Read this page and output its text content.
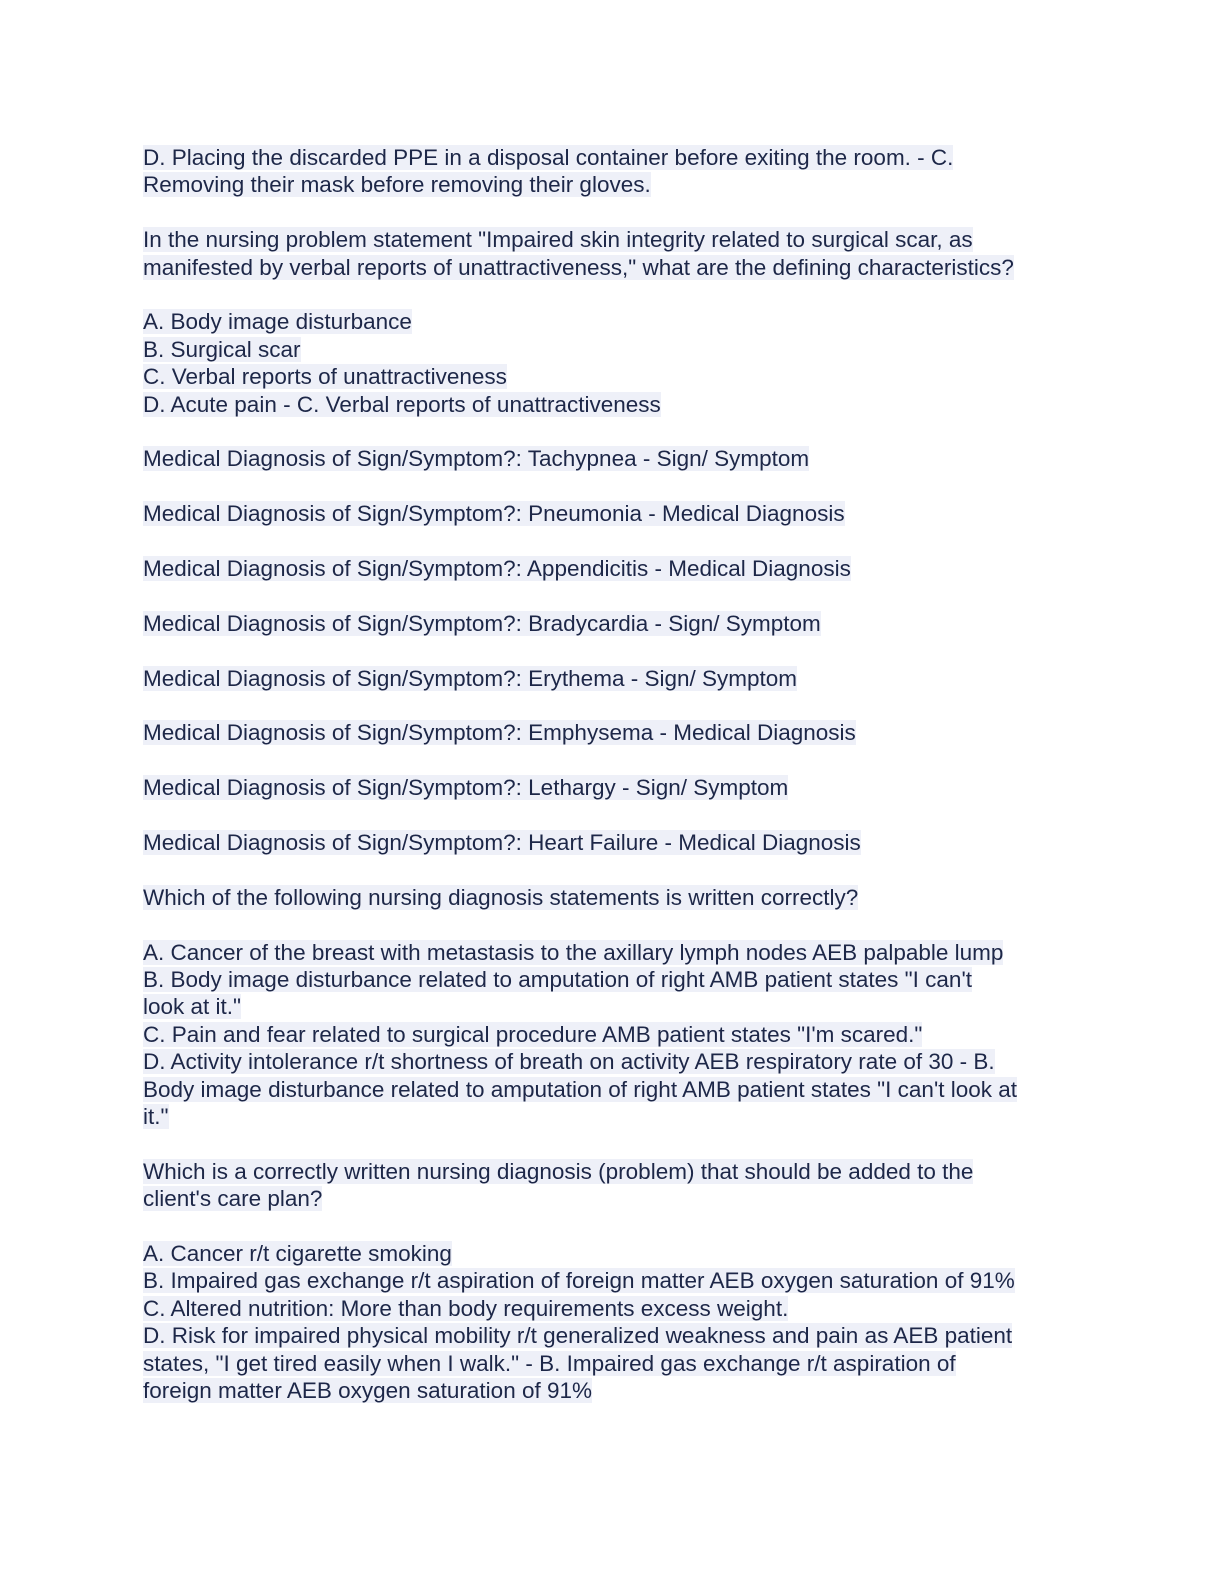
D. Placing the discarded PPE in a disposal container before exiting the room. - C.
Removing their mask before removing their gloves.

In the nursing problem statement "Impaired skin integrity related to surgical scar, as
manifested by verbal reports of unattractiveness," what are the defining characteristics?

A. Body image disturbance
B. Surgical scar
C. Verbal reports of unattractiveness
D. Acute pain - C. Verbal reports of unattractiveness

Medical Diagnosis of Sign/Symptom?: Tachypnea - Sign/ Symptom

Medical Diagnosis of Sign/Symptom?: Pneumonia - Medical Diagnosis

Medical Diagnosis of Sign/Symptom?: Appendicitis - Medical Diagnosis

Medical Diagnosis of Sign/Symptom?: Bradycardia - Sign/ Symptom

Medical Diagnosis of Sign/Symptom?: Erythema - Sign/ Symptom

Medical Diagnosis of Sign/Symptom?: Emphysema - Medical Diagnosis

Medical Diagnosis of Sign/Symptom?: Lethargy - Sign/ Symptom

Medical Diagnosis of Sign/Symptom?: Heart Failure - Medical Diagnosis

Which of the following nursing diagnosis statements is written correctly?

A. Cancer of the breast with metastasis to the axillary lymph nodes AEB palpable lump
B. Body image disturbance related to amputation of right AMB patient states "I can't
look at it."
C. Pain and fear related to surgical procedure AMB patient states "I'm scared."
D. Activity intolerance r/t shortness of breath on activity AEB respiratory rate of 30 - B.
Body image disturbance related to amputation of right AMB patient states "I can't look at
it."

Which is a correctly written nursing diagnosis (problem) that should be added to the
client's care plan?

A. Cancer r/t cigarette smoking
B. Impaired gas exchange r/t aspiration of foreign matter AEB oxygen saturation of 91%
C. Altered nutrition: More than body requirements excess weight.
D. Risk for impaired physical mobility r/t generalized weakness and pain as AEB patient
states, "I get tired easily when I walk." - B. Impaired gas exchange r/t aspiration of
foreign matter AEB oxygen saturation of 91%
